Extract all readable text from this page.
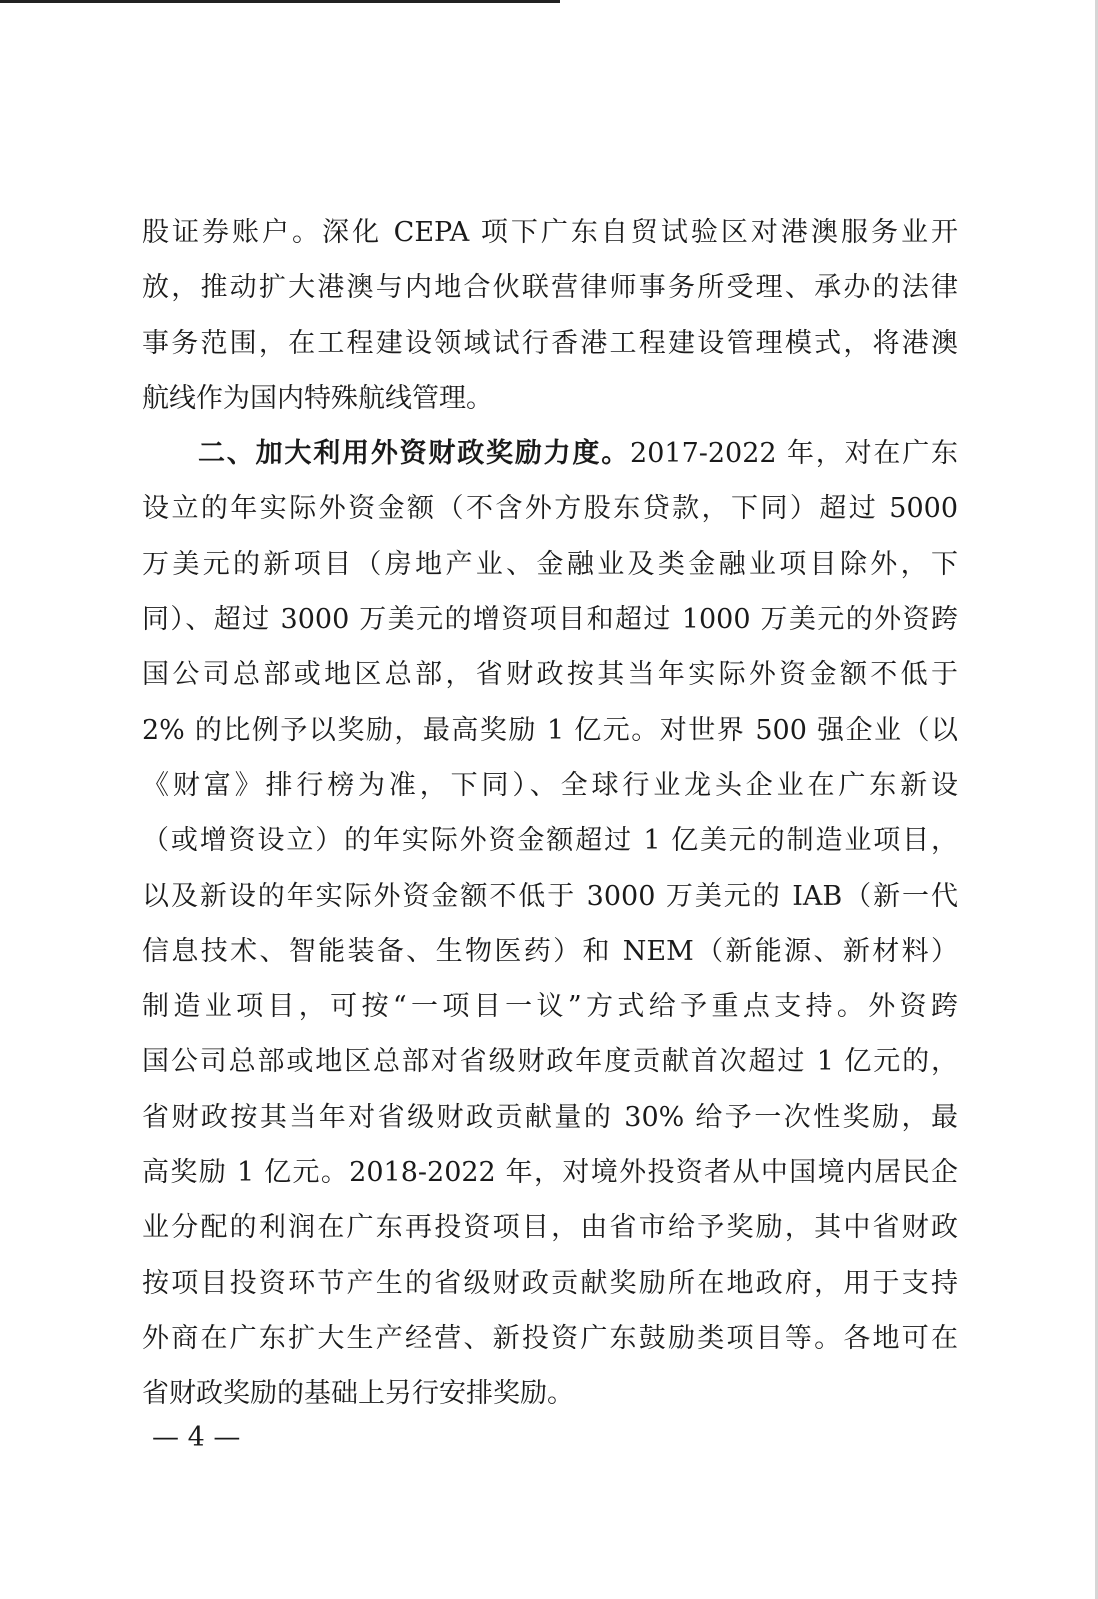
股证券账户。深化 CEPA 项下广东自贸试验区对港澳服务业开
放，推动扩大港澳与内地合伙联营律师事务所受理、承办的法律
事务范围，在工程建设领域试行香港工程建设管理模式，将港澳
航线作为国内特殊航线管理。
二、加大利用外资财政奖励力度。2017-2022 年，对在广东
设立的年实际外资金额（不含外方股东贷款，下同）超过 5000
万美元的新项目（房地产业、金融业及类金融业项目除外，下
同）、超过 3000 万美元的增资项目和超过 1000 万美元的外资跨
国公司总部或地区总部，省财政按其当年实际外资金额不低于
2% 的比例予以奖励，最高奖励 1 亿元。对世界 500 强企业（以
《财富》排行榜为准，下同）、全球行业龙头企业在广东新设
（或增资设立）的年实际外资金额超过 1 亿美元的制造业项目，
以及新设的年实际外资金额不低于 3000 万美元的 IAB（新一代
信息技术、智能装备、生物医药）和 NEM（新能源、新材料）
制造业项目，可按“一项目一议”方式给予重点支持。外资跨
国公司总部或地区总部对省级财政年度贡献首次超过 1 亿元的，
省财政按其当年对省级财政贡献量的 30% 给予一次性奖励，最
高奖励 1 亿元。2018-2022 年，对境外投资者从中国境内居民企
业分配的利润在广东再投资项目，由省市给予奖励，其中省财政
按项目投资环节产生的省级财政贡献奖励所在地政府，用于支持
外商在广东扩大生产经营、新投资广东鼓励类项目等。各地可在
省财政奖励的基础上另行安排奖励。
— 4 —
